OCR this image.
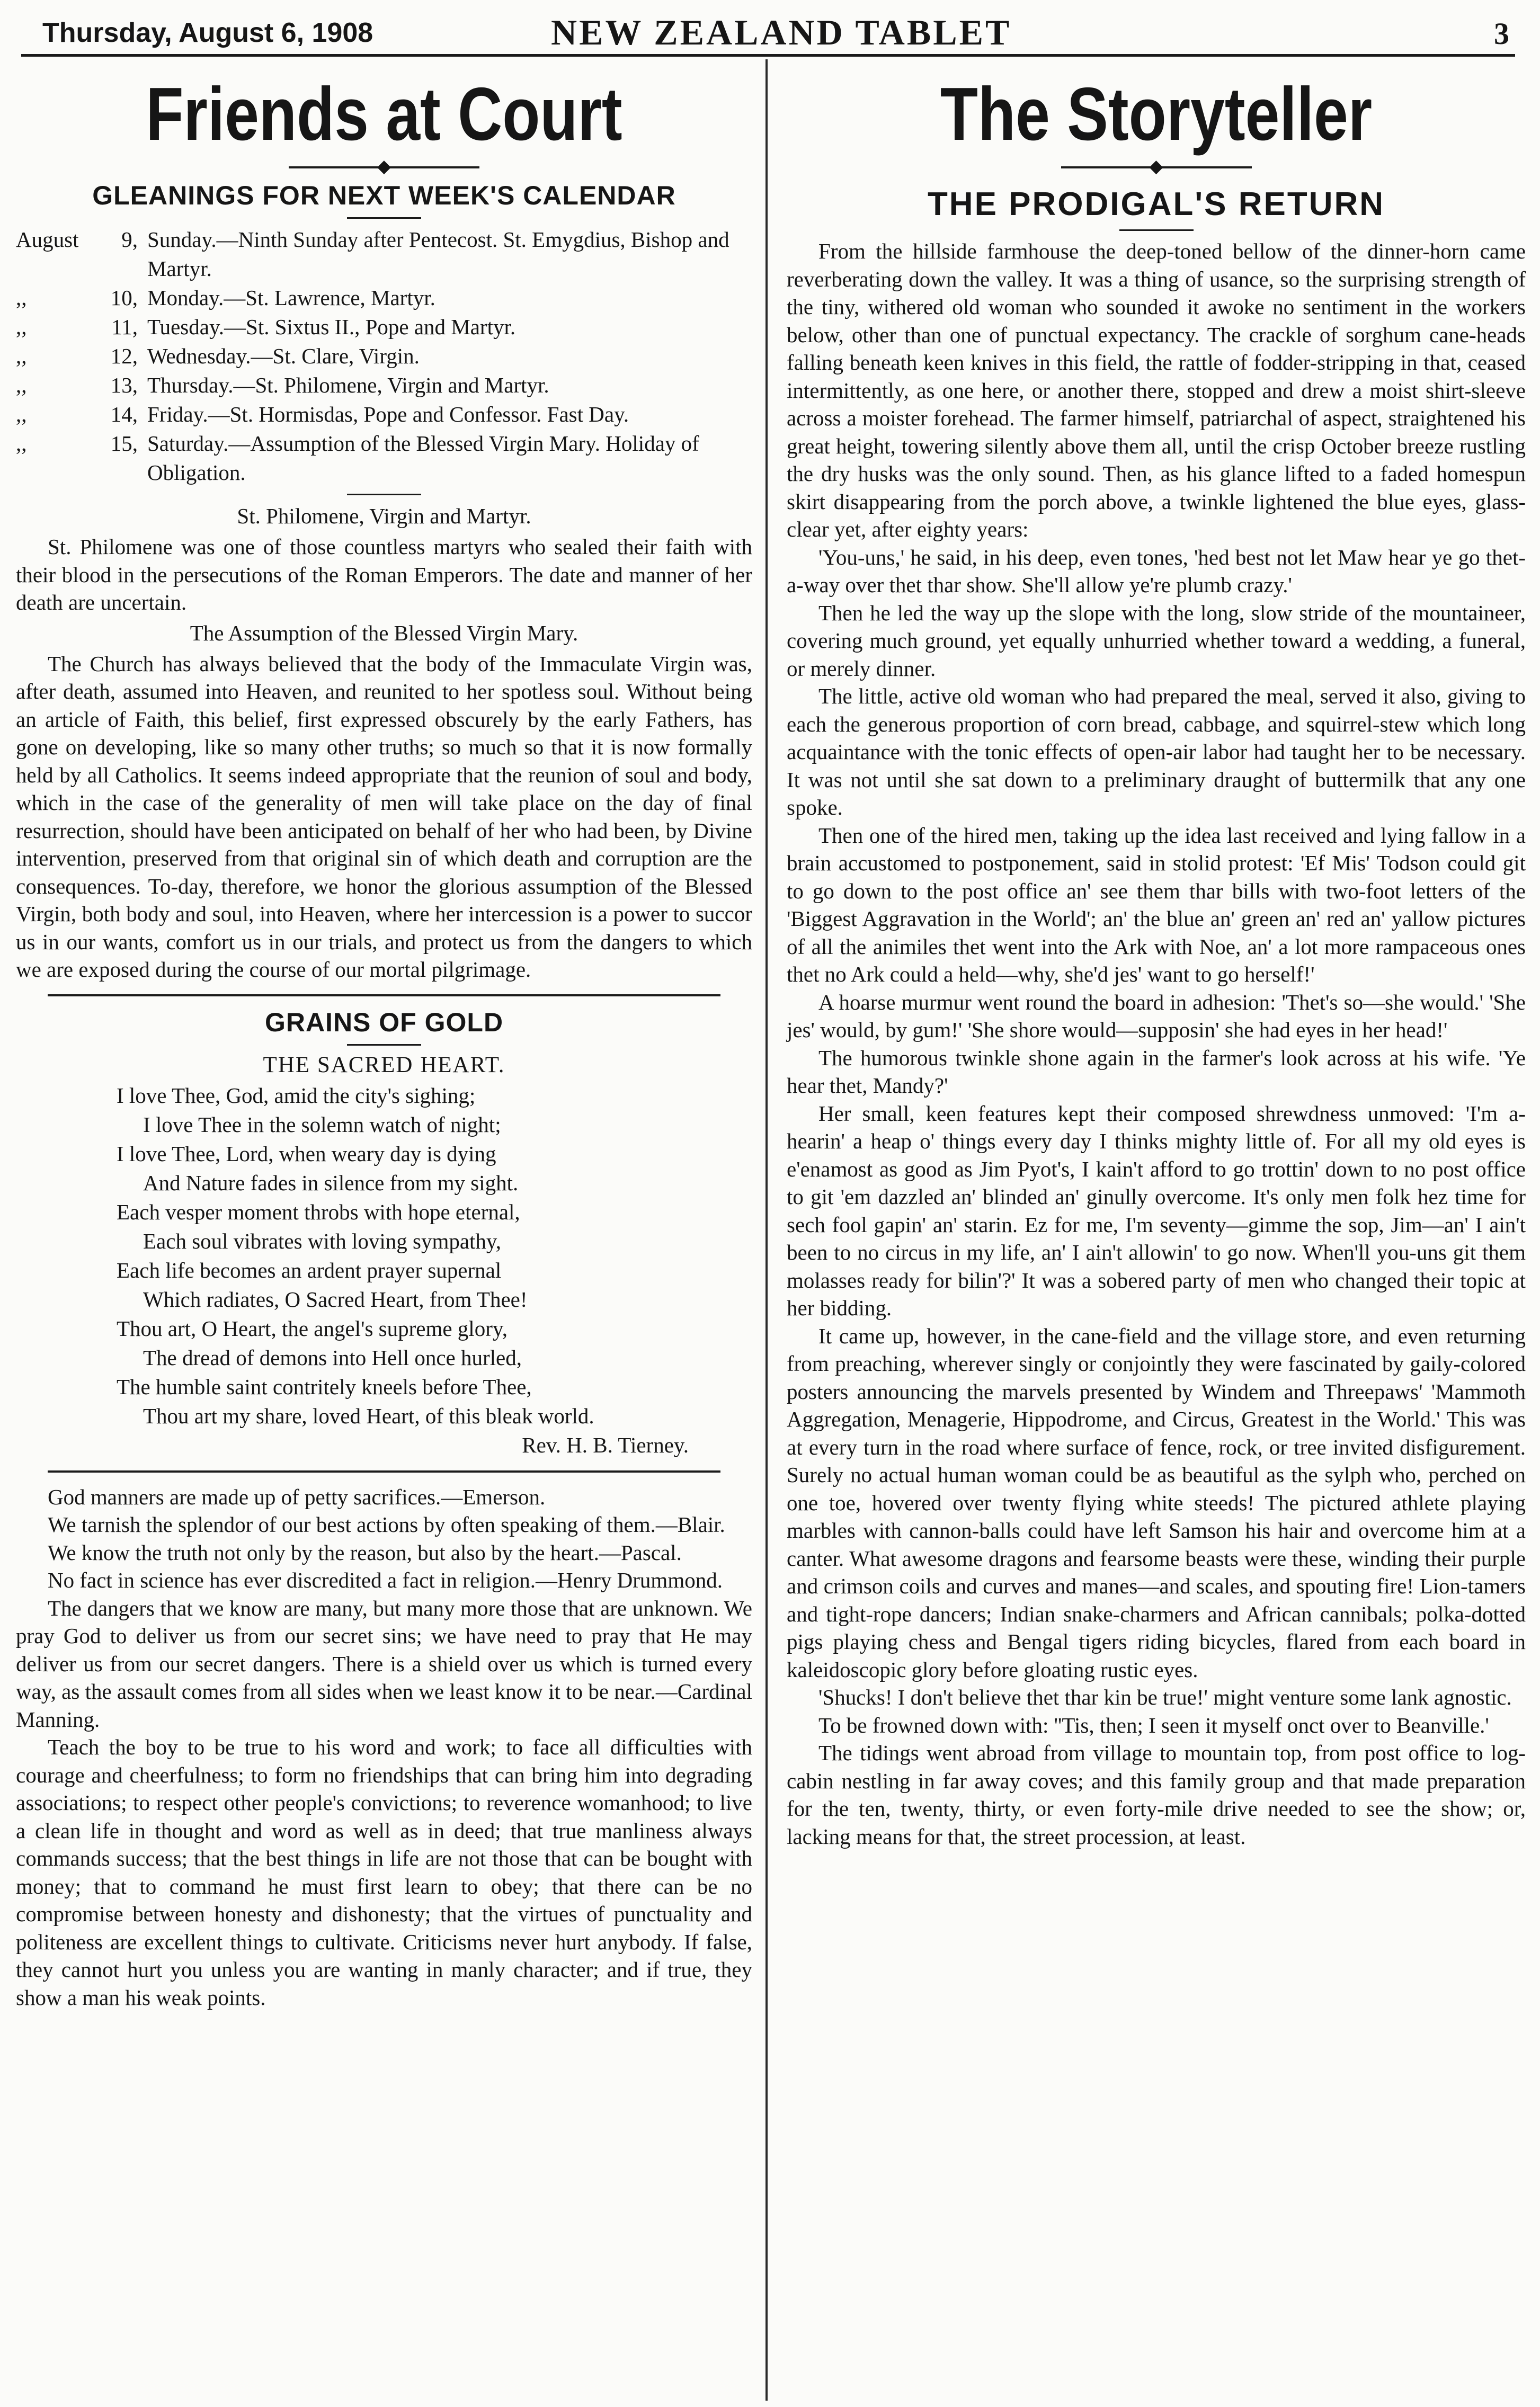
Thursday, August 6, 1908	NEW ZEALAND TABLET	3
Friends at Court
◆
GLEANINGS FOR NEXT WEEK'S CALENDAR
August	9, Sunday.—Ninth Sunday after Pentecost. St. Emygdius, Bishop and Martyr.
,,	10, Monday.—St. Lawrence, Martyr.
,,	11, Tuesday.—St. Sixtus II., Pope and Martyr.
,,	12, Wednesday.—St. Clare, Virgin.
,,	13, Thursday.—St. Philomene, Virgin and Martyr.
,,	14, Friday.—St. Hormisdas, Pope and Confessor. Fast Day.
,,	15, Saturday.—Assumption of the Blessed Virgin Mary. Holiday of Obligation.
St. Philomene, Virgin and Martyr.

St. Philomene was one of those countless martyrs who sealed their faith with their blood in the persecutions of the Roman Emperors. The date and manner of her death are uncertain.

The Assumption of the Blessed Virgin Mary.

The Church has always believed that the body of the Immaculate Virgin was, after death, assumed into Heaven, and reunited to her spotless soul. Without being an article of Faith, this belief, first expressed obscurely by the early Fathers, has gone on developing, like so many other truths; so much so that it is now formally held by all Catholics. It seems indeed appropriate that the reunion of soul and body, which in the case of the generality of men will take place on the day of final resurrection, should have been anticipated on behalf of her who had been, by Divine intervention, preserved from that original sin of which death and corruption are the consequences. To-day, therefore, we honor the glorious assumption of the Blessed Virgin, both body and soul, into Heaven, where her intercession is a power to succor us in our wants, comfort us in our trials, and protect us from the dangers to which we are exposed during the course of our mortal pilgrimage.

GRAINS OF GOLD
THE SACRED HEART.
I love Thee, God, amid the city's sighing;
I love Thee in the solemn watch of night;
I love Thee, Lord, when weary day is dying
And Nature fades in silence from my sight.
Each vesper moment throbs with hope eternal,
Each soul vibrates with loving sympathy,
Each life becomes an ardent prayer supernal
Which radiates, O Sacred Heart, from Thee!
Thou art, O Heart, the angel's supreme glory,
The dread of demons into Hell once hurled,
The humble saint contritely kneels before Thee,
Thou art my share, loved Heart, of this bleak world.
Rev. H. B. Tierney.

God manners are made up of petty sacrifices.—Emerson.

We tarnish the splendor of our best actions by often speaking of them.—Blair.

We know the truth not only by the reason, but also by the heart.—Pascal.

No fact in science has ever discredited a fact in religion.—Henry Drummond.

The dangers that we know are many, but many more those that are unknown. We pray God to deliver us from our secret sins; we have need to pray that He may deliver us from our secret dangers. There is a shield over us which is turned every way, as the assault comes from all sides when we least know it to be near.—Cardinal Manning.

Teach the boy to be true to his word and work; to face all difficulties with courage and cheerfulness; to form no friendships that can bring him into degrading associations; to respect other people's convictions; to reverence womanhood; to live a clean life in thought and word as well as in deed; that true manliness always commands success; that the best things in life are not those that can be bought with money; that to command he must first learn to obey; that there can be no compromise between honesty and dishonesty; that the virtues of punctuality and politeness are excellent things to cultivate. Criticisms never hurt anybody. If false, they cannot hurt you unless you are wanting in manly character; and if true, they show a man his weak points.

The Storyteller
◆
THE PRODIGAL'S RETURN

From the hillside farmhouse the deep-toned bellow of the dinner-horn came reverberating down the valley. It was a thing of usance, so the surprising strength of the tiny, withered old woman who sounded it awoke no sentiment in the workers below, other than one of punctual expectancy. The crackle of sorghum cane-heads falling beneath keen knives in this field, the rattle of fodder-stripping in that, ceased intermittently, as one here, or another there, stopped and drew a moist shirt-sleeve across a moister forehead. The farmer himself, patriarchal of aspect, straightened his great height, towering silently above them all, until the crisp October breeze rustling the dry husks was the only sound. Then, as his glance lifted to a faded homespun skirt disappearing from the porch above, a twinkle lightened the blue eyes, glass-clear yet, after eighty years:

'You-uns,' he said, in his deep, even tones, 'hed best not let Maw hear ye go thet-a-way over thet thar show. She'll allow ye're plumb crazy.'

Then he led the way up the slope with the long, slow stride of the mountaineer, covering much ground, yet equally unhurried whether toward a wedding, a funeral, or merely dinner.

The little, active old woman who had prepared the meal, served it also, giving to each the generous proportion of corn bread, cabbage, and squirrel-stew which long acquaintance with the tonic effects of open-air labor had taught her to be necessary. It was not until she sat down to a preliminary draught of buttermilk that any one spoke.

Then one of the hired men, taking up the idea last received and lying fallow in a brain accustomed to postponement, said in stolid protest: 'Ef Mis' Todson could git to go down to the post office an' see them thar bills with two-foot letters of the 'Biggest Aggravation in the World'; an' the blue an' green an' red an' yallow pictures of all the animiles thet went into the Ark with Noe, an' a lot more rampaceous ones thet no Ark could a held—why, she'd jes' want to go herself!'

A hoarse murmur went round the board in adhesion: 'Thet's so—she would.' 'She jes' would, by gum!' 'She shore would—supposin' she had eyes in her head!'

The humorous twinkle shone again in the farmer's look across at his wife. 'Ye hear thet, Mandy?'

Her small, keen features kept their composed shrewdness unmoved: 'I'm a-hearin' a heap o' things every day I thinks mighty little of. For all my old eyes is e'enamost as good as Jim Pyot's, I kain't afford to go trottin' down to no post office to git 'em dazzled an' blinded an' ginully overcome. It's only men folk hez time for sech fool gapin' an' starin. Ez for me, I'm seventy—gimme the sop, Jim—an' I ain't been to no circus in my life, an' I ain't allowin' to go now. When'll you-uns git them molasses ready for bilin'?' It was a sobered party of men who changed their topic at her bidding.

It came up, however, in the cane-field and the village store, and even returning from preaching, wherever singly or conjointly they were fascinated by gaily-colored posters announcing the marvels presented by Windem and Threepaws' 'Mammoth Aggregation, Menagerie, Hippodrome, and Circus, Greatest in the World.' This was at every turn in the road where surface of fence, rock, or tree invited disfigurement. Surely no actual human woman could be as beautiful as the sylph who, perched on one toe, hovered over twenty flying white steeds! The pictured athlete playing marbles with cannon-balls could have left Samson his hair and overcome him at a canter. What awesome dragons and fearsome beasts were these, winding their purple and crimson coils and curves and manes—and scales, and spouting fire! Lion-tamers and tight-rope dancers; Indian snake-charmers and African cannibals; polka-dotted pigs playing chess and Bengal tigers riding bicycles, flared from each board in kaleidoscopic glory before gloating rustic eyes.

'Shucks! I don't believe thet thar kin be true!' might venture some lank agnostic.

To be frowned down with: ''Tis, then; I seen it myself onct over to Beanville.'

The tidings went abroad from village to mountain top, from post office to log-cabin nestling in far away coves; and this family group and that made preparation for the ten, twenty, thirty, or even forty-mile drive needed to see the show; or, lacking means for that, the street procession, at least.
